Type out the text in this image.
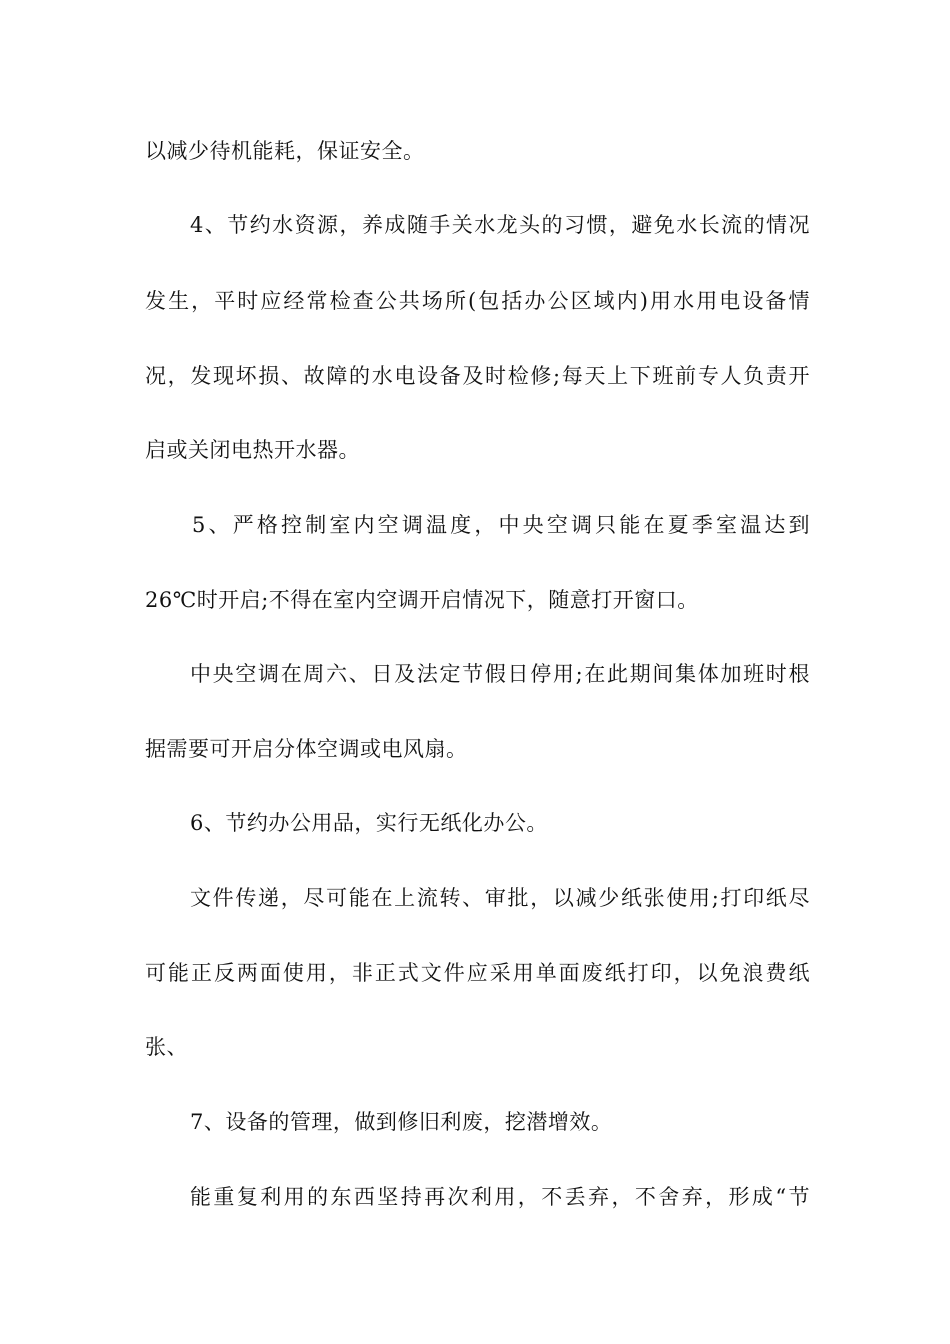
以减少待机能耗，保证安全。
4、节约水资源，养成随手关水龙头的习惯，避免水长流的情况
发生，平时应经常检查公共场所(包括办公区域内)用水用电设备情
况，发现坏损、故障的水电设备及时检修;每天上下班前专人负责开
启或关闭电热开水器。
5、严格控制室内空调温度，中央空调只能在夏季室温达到
26℃时开启;不得在室内空调开启情况下，随意打开窗口。
中央空调在周六、日及法定节假日停用;在此期间集体加班时根
据需要可开启分体空调或电风扇。
6、节约办公用品，实行无纸化办公。
文件传递，尽可能在上流转、审批，以减少纸张使用;打印纸尽
可能正反两面使用，非正式文件应采用单面废纸打印，以免浪费纸
张、
7、设备的管理，做到修旧利废，挖潜增效。
能重复利用的东西坚持再次利用，不丢弃，不舍弃，形成“节
